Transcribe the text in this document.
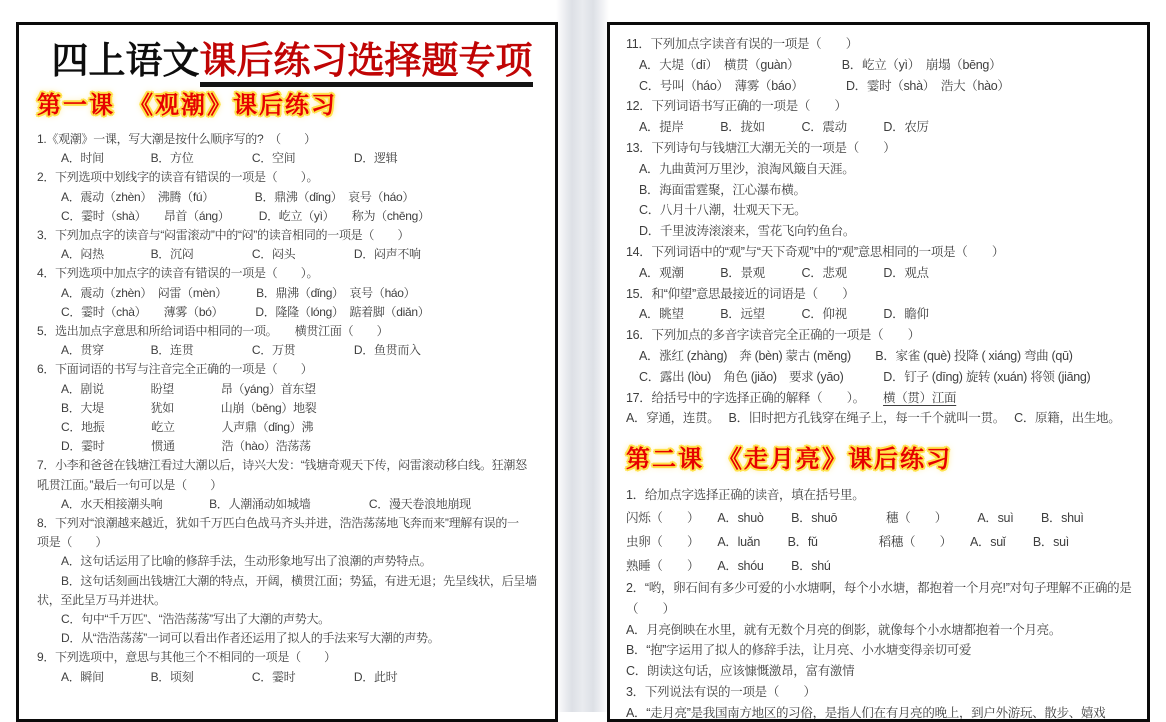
四上语文课后练习选择题专项
第一课　《观潮》课后练习
1.《观潮》一课，写大潮是按什么顺序写的?　（　　）
A．时间　　　　B．方位　　　　　C．空间　　　　　D．逻辑
2．下列选项中划线字的读音有错误的一项是（　　）。
A．震动（zhèn）　沸腾（fú）　　　　B．鼎沸（dǐng）　哀号（háo）
C．霎时（shà）　　昂首（áng）　　　D．屹立（yì）　　称为（chēng）
3．下列加点字的读音与“闷雷滚动”中的“闷”的读音相同的一项是（　　）
A．闷热　　　　B．沉闷　　　　　C．闷头　　　　　D．闷声不响
4．下列选项中加点字的读音有错误的一项是（　　）。
A．震动（zhèn）　闷雷（mèn）　　　B．鼎沸（dǐng）　哀号（háo）
C．霎时（chà）　　薄雾（bó）　　　 D．隆隆（lóng）　踮着脚（diǎn）
5．选出加点字意思和所给词语中相同的一项。　　横贯江面（　　）
A．贯穿　　　　B．连贯　　　　　C．万贯　　　　　D．鱼贯而入
6．下面词语的书写与注音完全正确的一项是（　　）
A．剧说　　　　盼望　　　　昂（yáng）首东望
B．大堤　　　　犹如　　　　山崩（bēng）地裂
C．地振　　　　屹立　　　　人声鼎（dǐng）沸
D．霎时　　　　惯通　　　　浩（hào）浩荡荡
7．小李和爸爸在钱塘江看过大潮以后，诗兴大发：“钱塘奇观天下传，闷雷滚动移白线。狂潮怒
吼贯江面。”最后一句可以是（　　）
A．水天相接潮头响　　　　B．人潮涌动如城墙　　　　　C．漫天卷浪地崩现
8．下列对“浪潮越来越近，犹如千万匹白色战马齐头并进，浩浩荡荡地飞奔而来”理解有误的一
项是（　　）
A．这句话运用了比喻的修辞手法，生动形象地写出了浪潮的声势特点。
B．这句话刻画出钱塘江大潮的特点，开阔，横贯江面；势猛，有进无退；先呈线状，后呈墙
状，至此呈万马并进状。
C．句中“千万匹”、“浩浩荡荡”写出了大潮的声势大。
D．从“浩浩荡荡”一词可以看出作者还运用了拟人的手法来写大潮的声势。
9．下列选项中，意思与其他三个不相同的一项是（　　）
A．瞬间　　　　B．顷刻　　　　　C．霎时　　　　　D．此时
11．下列加点字读音有误的一项是（　　）
A．大堤（dī）　横贯（guàn）　　　　B．屹立（yì）　崩塌（bēng）
C．号叫（háo）　薄雾（báo）　　　　D．霎时（shà）　浩大（hào）
12．下列词语书写正确的一项是（　　）
A．提岸　　　B．拢如　　　C．震动　　　D．农厉
13．下列诗句与钱塘江大潮无关的一项是（　　）
A．九曲黄河万里沙，浪淘风簸自天涯。
B．海面雷霆聚，江心瀑布横。
C．八月十八潮，壮观天下无。
D．千里波涛滚滚来，雪花飞向钓鱼台。
14．下列词语中的“观”与“天下奇观”中的“观”意思相同的一项是（　　）
A．观潮　　　B．景观　　　C．悲观　　　D．观点
15．和“仰望”意思最接近的词语是（　　）
A．眺望　　　B．远望　　　C．仰视　　　D．瞻仰
16．下列加点的多音字读音完全正确的一项是（　　）
A．涨红 (zhàng)　奔 (bèn) 蒙古 (měng)　　B．家雀 (què) 投降 ( xiáng) 弯曲 (qū)
C．露出 (lòu)　角色 (jiǎo)　要求 (yāo)　　　 D．钉子 (dīng) 旋转 (xuán) 将领 (jiāng)
17．给括号中的字选择正确的解释（　　）。　　横（贯）江面
A．穿通，连贯。　 B．旧时把方孔钱穿在绳子上，每一千个就叫一贯。　 C．原籍，出生地。
第二课　《走月亮》课后练习
1．给加点字选择正确的读音，填在括号里。
闪烁（　　）　　A．shuò　　 B．shuō　　　　穗（　　）　　　A．suì　　 B．shuì
虫卵（　　）　　A．luǎn　　 B．fǔ　　　　　稻穗（　　）　　A．suǐ　　 B．suì
熟睡（　　）　　A．shóu　　 B．shú
2．“哟，卵石间有多少可爱的小水塘啊，每个小水塘，都抱着一个月亮!”对句子理解不正确的是
（　　）
A．月亮倒映在水里，就有无数个月亮的倒影，就像每个小水塘都抱着一个月亮。
B．“抱”字运用了拟人的修辞手法，让月亮、小水塘变得亲切可爱
C．朗读这句话，应该慷慨激昂，富有激情
3．下列说法有误的一项是（　　）
A．“走月亮”是我国南方地区的习俗，是指人们在有月亮的晚上，到户外游玩、散步、嬉戏
